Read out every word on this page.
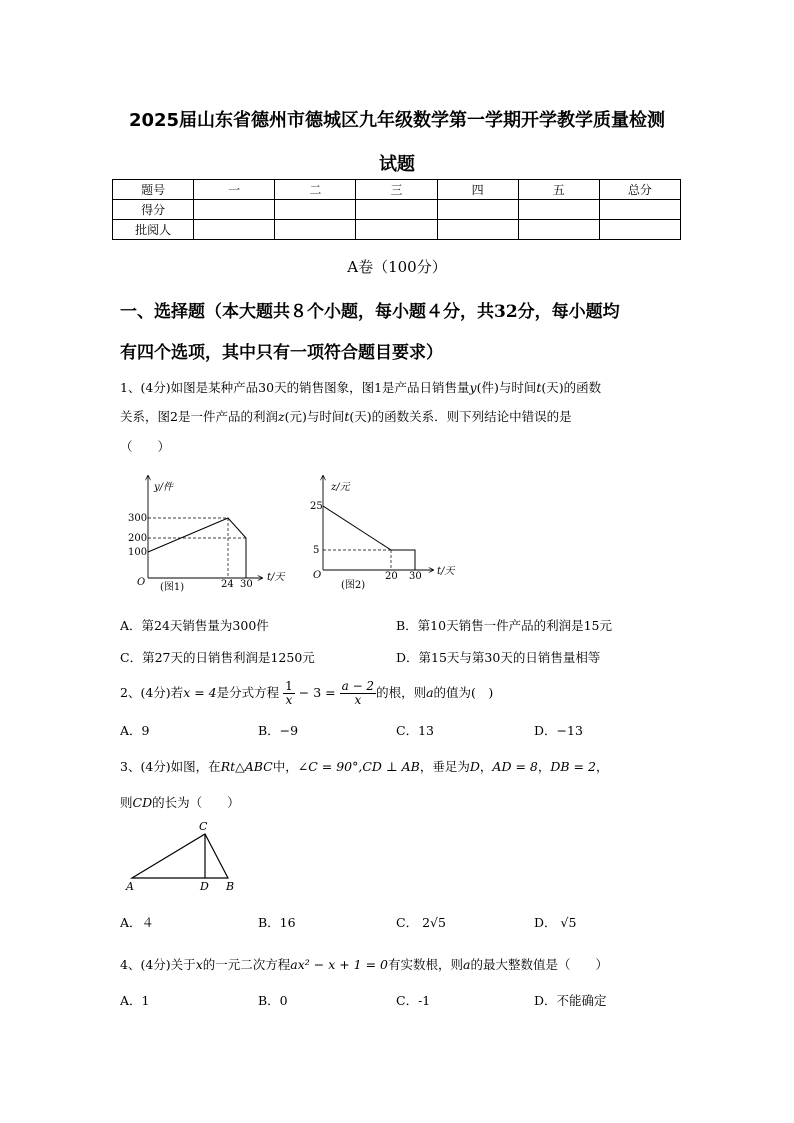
2025届山东省德州市德城区九年级数学第一学期开学教学质量检测
试题
题号	一	二	三	四	五	总分
得分						
批阅人						
A卷（100分）
一、选择题（本大题共８个小题，每小题４分，共32分，每小题均
有四个选项，其中只有一项符合题目要求）
1、(4分)如图是某种产品30天的销售图象，图1是产品日销售量y(件)与时间t(天)的函数
关系，图2是一件产品的利润z(元)与时间t(天)的函数关系．则下列结论中错误的是
（　　）
y/件
t/天
300
200
100
24 30
O (图1)
z/元
t/天
25
5
20 30
O
(图2)
A．第24天销售量为300件	B．第10天销售一件产品的利润是15元
C．第27天的日销售利润是1250元	D．第15天与第30天的日销售量相等
2、(4分)若x = 4是分式方程 $\frac{1}{x} - 3 = \frac{a - 2}{x}$ 的根，则a的值为(　)
A．9	B．−9	C．13	D．−13
3、(4分)如图，在Rt△ABC中，∠C = 90°,CD ⊥ AB，垂足为D，AD = 8，DB = 2，
则CD的长为（　　）
C
A	D B
A．４	B．16	C． 2√5	D． √5
4、(4分)关于x的一元二次方程ax² − x + 1 = 0有实数根，则a的最大整数值是（　　）
A．1	B．0	C．-1	D．不能确定
